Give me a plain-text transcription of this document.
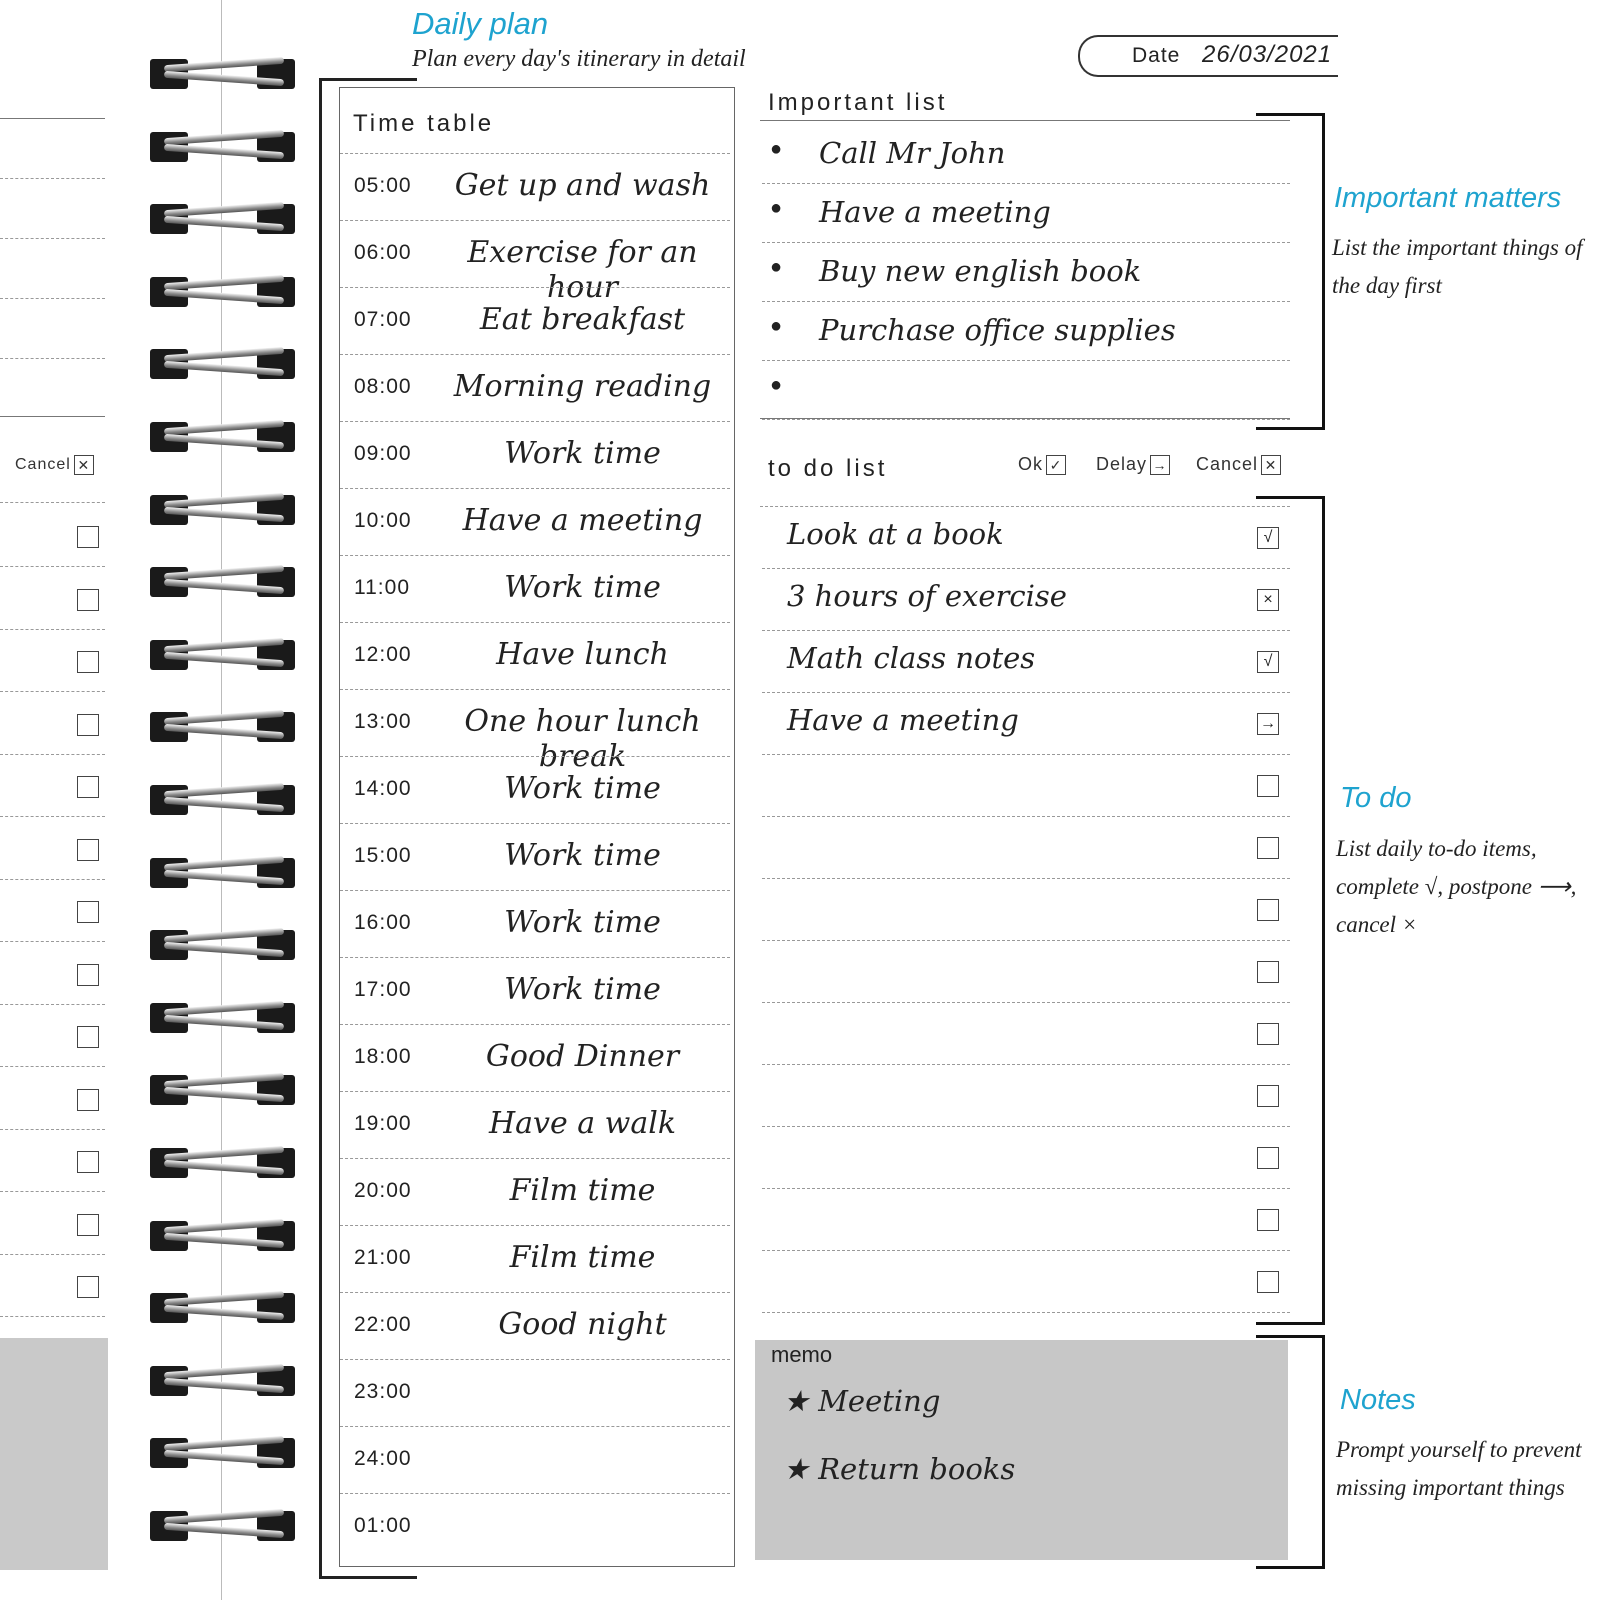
Cancel ✕
Daily plan
Plan every day's itinerary in detail	Date 26/03/2021
Time table
05:00	Get up and wash
06:00	Exercise for an hour
07:00	Eat breakfast
08:00	Morning reading
09:00	Work time
10:00	Have a meeting
11:00	Work time
12:00	Have lunch
13:00	One hour lunch break
14:00	Work time
15:00	Work time
16:00	Work time
17:00	Work time
18:00	Good Dinner
19:00	Have a walk
20:00	Film time
21:00	Film time
22:00	Good night
23:00
24:00
01:00
Important list
● Call Mr John
● Have a meeting
● Buy new english book
● Purchase office supplies
●
to do list	Ok ✓ Delay → Cancel ✕
Look at a book	√
3 hours of exercise	×
Math class notes	√
Have a meeting	→
memo
★ Meeting
★ Return books
Important matters
List the important things of the day first
To do
List daily to-do items, complete √, postpone ⟶, cancel ×
Notes
Prompt yourself to prevent missing important things
